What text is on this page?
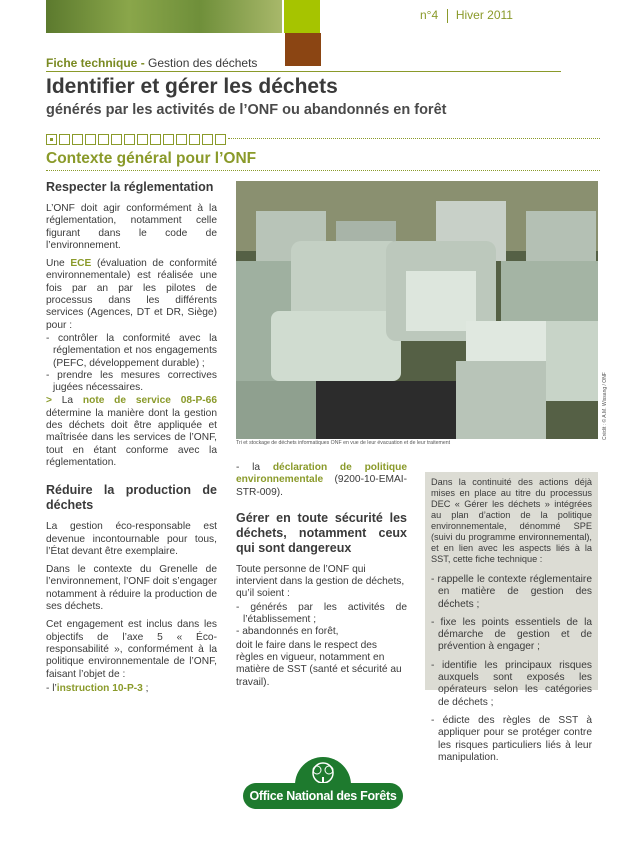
n°4 Hiver 2011
Fiche technique - Gestion des déchets
Identifier et gérer les déchets
générés par les activités de l’ONF ou abandonnés en forêt
Contexte général pour l’ONF
Respecter la réglementation

L’ONF doit agir conformément à la réglementation, notamment celle figurant dans le code de l’environnement.

Une ECE (évaluation de conformité environnementale) est réalisée une fois par an par les pilotes de processus dans les différents services (Agences, DT et DR, Siège) pour :

- contrôler la conformité avec la réglementation et nos engagements (PEFC, développement durable) ;
- prendre les mesures correctives jugées nécessaires.

> La note de service 08-P-66 détermine la manière dont la gestion des déchets doit être appliquée et maîtrisée dans les services de l’ONF, tout en étant conforme avec la réglementation.

Réduire la production de déchets

La gestion éco-responsable est devenue incontournable pour tous, l’État devant être exemplaire.

Dans le contexte du Grenelle de l’environnement, l’ONF doit s’engager notamment à réduire la production de ses déchets.

Cet engagement est inclus dans les objectifs de l’axe 5 « Éco-responsabilité », conformément à la politique environnementale de l’ONF, faisant l’objet de :

- l’instruction 10-P-3 ;

Tri et stockage de déchets informatiques ONF en vue de leur évacuation et de leur traitement
Crédit : © A.M. Wissang / ONF

- la déclaration de politique environnementale (9200-10-EMAI-STR-009).

Gérer en toute sécurité les déchets, notamment ceux qui sont dangereux

Toute personne de l’ONF qui intervient dans la gestion de déchets, qu’il soient :

- générés par les activités de l’établissement ;
- abandonnés en forêt,

doit le faire dans le respect des règles en vigueur, notamment en matière de SST (santé et sécurité au travail).

Dans la continuité des actions déjà mises en place au titre du processus DEC « Gérer les déchets » intégrées au plan d’action de la politique environnementale, dénommé SPE (suivi du programme environnemental), et en lien avec les aspects liés à la SST, cette fiche technique :

- rappelle le contexte réglementaire en matière de gestion des déchets ;
- fixe les points essentiels de la démarche de gestion et de prévention à engager ;
- identifie les principaux risques auxquels sont exposés les opérateurs selon les catégories de déchets ;
- édicte des règles de SST à appliquer pour se protéger contre les risques particuliers liés à leur manipulation.
Office National des Forêts
